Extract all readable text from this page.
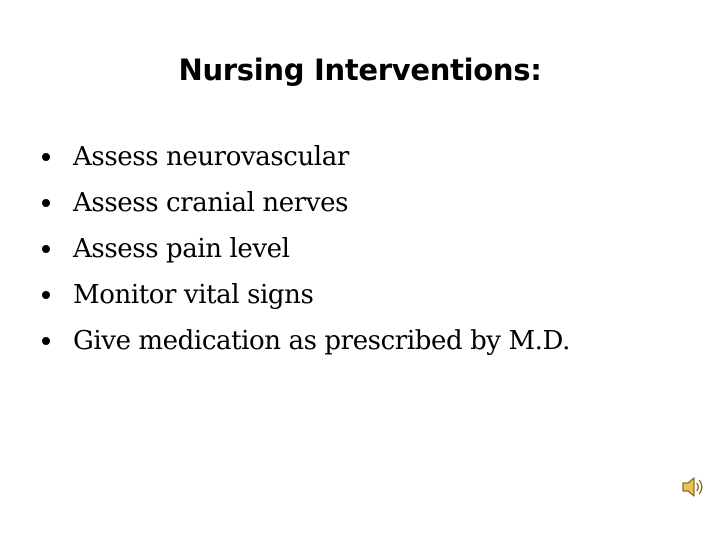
Nursing Interventions:
Assess neurovascular
Assess cranial nerves
Assess pain level
Monitor vital signs
Give medication as prescribed by M.D.
